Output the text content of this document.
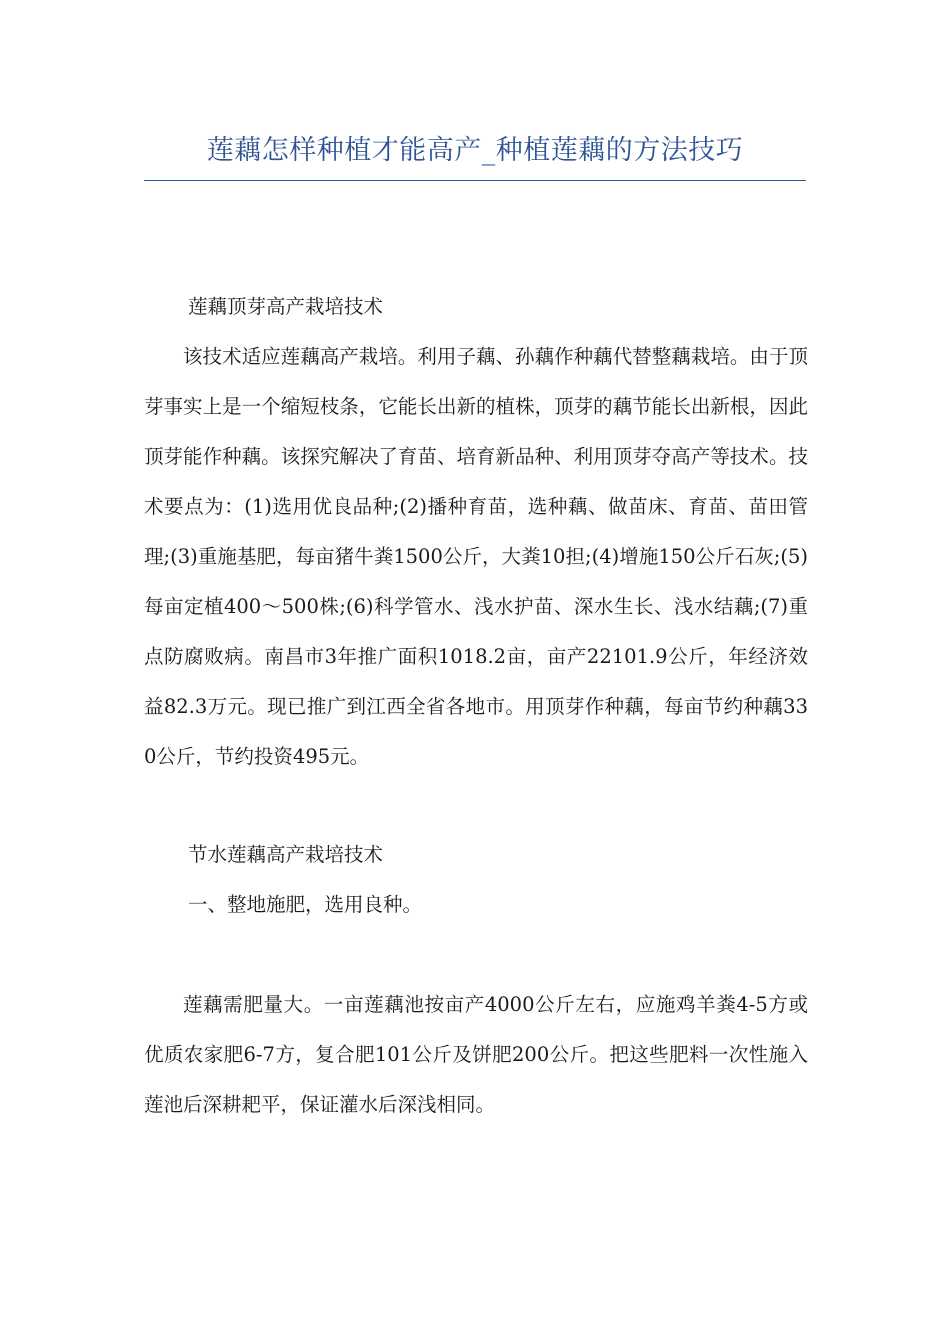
莲藕怎样种植才能高产_种植莲藕的方法技巧

莲藕顶芽高产栽培技术

该技术适应莲藕高产栽培。利用子藕、孙藕作种藕代替整藕栽培。由于顶芽事实上是一个缩短枝条，它能长出新的植株，顶芽的藕节能长出新根，因此顶芽能作种藕。该探究解决了育苗、培育新品种、利用顶芽夺高产等技术。技术要点为：(1)选用优良品种;(2)播种育苗，选种藕、做苗床、育苗、苗田管理;(3)重施基肥，每亩猪牛粪1500公斤，大粪10担;(4)增施150公斤石灰;(5)每亩定植400～500株;(6)科学管水、浅水护苗、深水生长、浅水结藕;(7)重点防腐败病。南昌市3年推广面积1018.2亩，亩产22101.9公斤，年经济效益82.3万元。现已推广到江西全省各地市。用顶芽作种藕，每亩节约种藕330公斤，节约投资495元。

节水莲藕高产栽培技术

一、整地施肥，选用良种。

莲藕需肥量大。一亩莲藕池按亩产4000公斤左右，应施鸡羊粪4-5方或优质农家肥6-7方，复合肥101公斤及饼肥200公斤。把这些肥料一次性施入莲池后深耕耙平，保证灌水后深浅相同。
